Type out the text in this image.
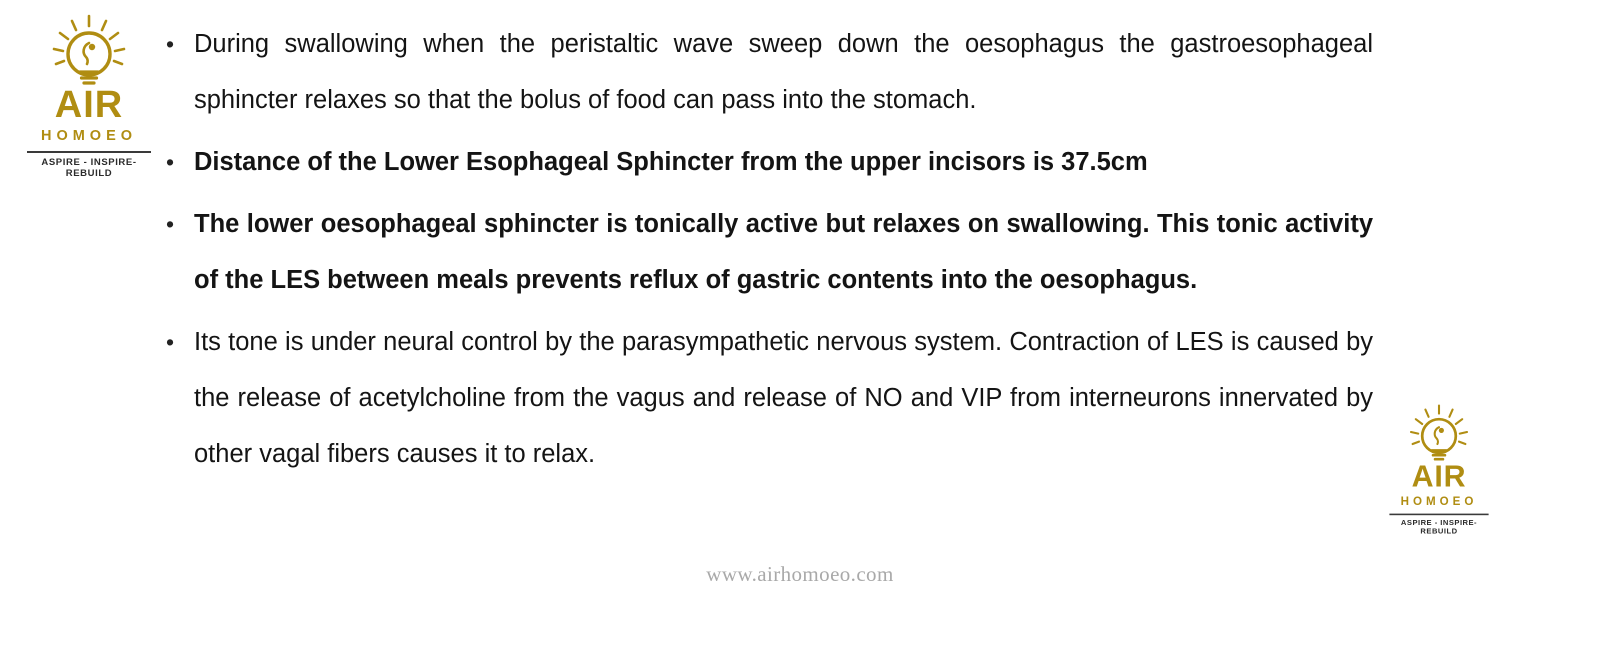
AIR
HOMOEO
ASPIRE - INSPIRE- REBUILD
AIR
HOMOEO
ASPIRE - INSPIRE- REBUILD
• During swallowing when the peristaltic wave sweep down the oesophagus the gastroesophageal sphincter relaxes so that the bolus of food can pass into the stomach.
• Distance of the Lower Esophageal Sphincter from the upper incisors is 37.5cm
• The lower oesophageal sphincter is tonically active but relaxes on swallowing. This tonic activity of the LES between meals prevents reflux of gastric contents into the oesophagus.
• Its tone is under neural control by the parasympathetic nervous system. Contraction of LES is caused by the release of acetylcholine from the vagus and release of NO and VIP from interneurons innervated by other vagal fibers causes it to relax.
www.airhomoeo.com
